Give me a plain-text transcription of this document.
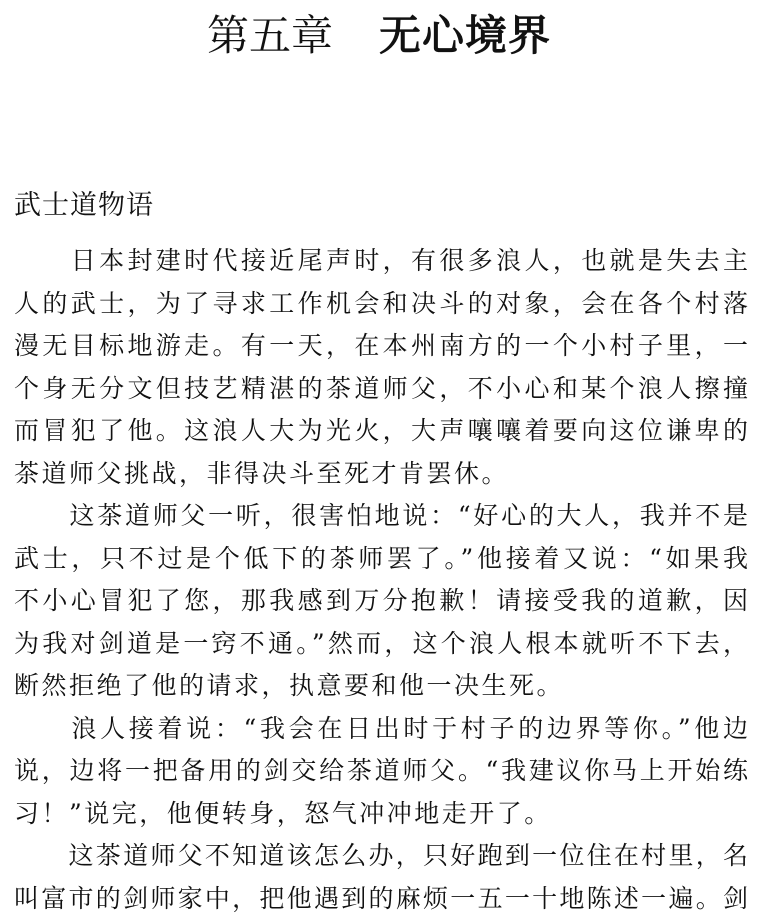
第五章 无心境界
武士道物语
　　日本封建时代接近尾声时，有很多浪人，也就是失去主
人的武士，为了寻求工作机会和决斗的对象，会在各个村落
漫无目标地游走。有一天，在本州南方的一个小村子里，一
个身无分文但技艺精湛的茶道师父，不小心和某个浪人擦撞
而冒犯了他。这浪人大为光火，大声嚷嚷着要向这位谦卑的
茶道师父挑战，非得决斗至死才肯罢休。
　　这茶道师父一听，很害怕地说：“好心的大人，我并不是
武士，只不过是个低下的茶师罢了。”他接着又说：“如果我
不小心冒犯了您，那我感到万分抱歉！请接受我的道歉，因
为我对剑道是一窍不通。”然而，这个浪人根本就听不下去，
断然拒绝了他的请求，执意要和他一决生死。
　　浪人接着说：“我会在日出时于村子的边界等你。”他边
说，边将一把备用的剑交给茶道师父。“我建议你马上开始练
习！”说完，他便转身，怒气冲冲地走开了。
　　这茶道师父不知道该怎么办，只好跑到一位住在村里，名
叫富市的剑师家中，把他遇到的麻烦一五一十地陈述一遍。剑
